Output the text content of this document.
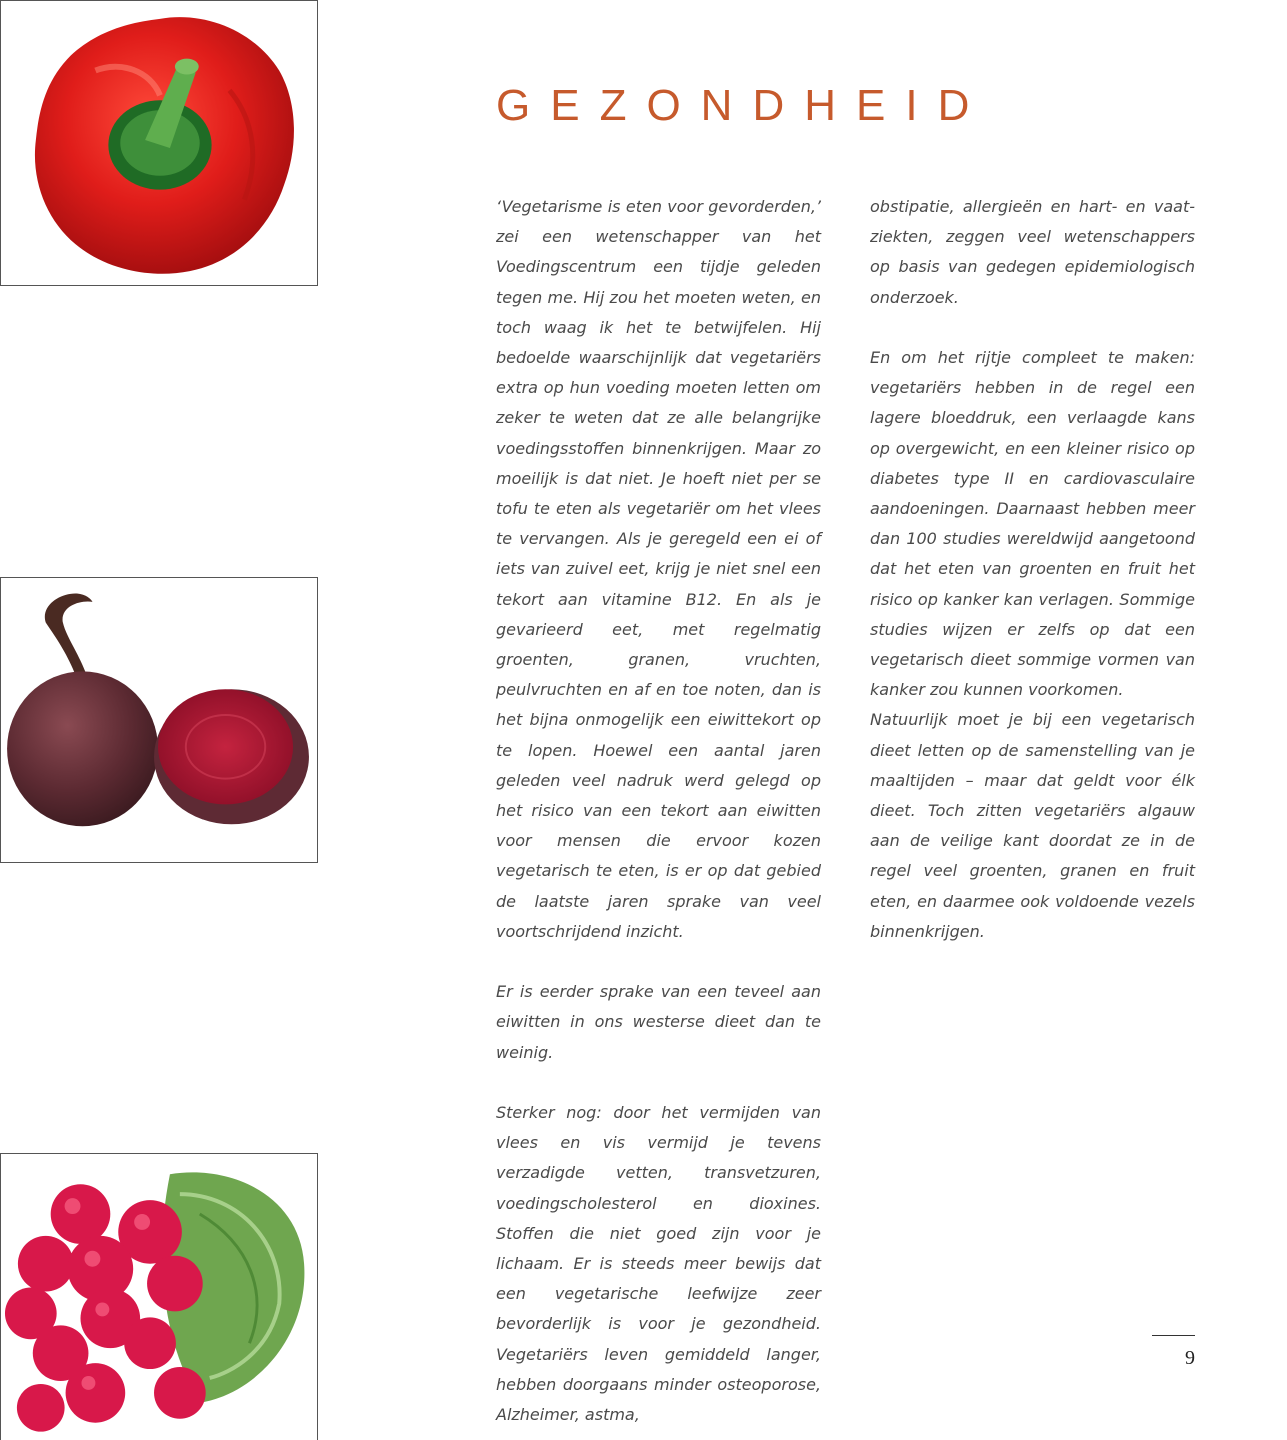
GEZONDHEID

‘Vegetarisme is eten voor gevorderden,’ zei een wetenschapper van het Voedingscentrum een tijdje geleden tegen me. Hij zou het moeten weten, en toch waag ik het te betwijfelen. Hij bedoelde waarschijnlijk dat vegetariërs extra op hun voeding moeten letten om zeker te weten dat ze alle belangrijke voedingsstoffen binnenkrijgen. Maar zo moeilijk is dat niet. Je hoeft niet per se tofu te eten als vegetariër om het vlees te vervangen. Als je geregeld een ei of iets van zuivel eet, krijg je niet snel een tekort aan vitamine B12. En als je gevarieerd eet, met regelmatig groenten, granen, vruchten, peulvruchten en af en toe noten, dan is het bijna onmogelijk een eiwittekort op te lopen. Hoewel een aantal jaren geleden veel nadruk werd gelegd op het risico van een tekort aan eiwitten voor mensen die ervoor kozen vegetarisch te eten, is er op dat gebied de laatste jaren sprake van veel voortschrijdend inzicht.

Er is eerder sprake van een teveel aan eiwitten in ons westerse dieet dan te weinig.

Sterker nog: door het vermijden van vlees en vis vermijd je tevens verzadigde vetten, transvetzuren, voedingscholesterol en dioxines. Stoffen die niet goed zijn voor je lichaam. Er is steeds meer bewijs dat een vegetarische leefwijze zeer bevorderlijk is voor je gezondheid. Vegetariërs leven gemiddeld langer, hebben doorgaans minder osteoporose, Alzheimer, astma,

obstipatie, allergieën en hart- en vaatziekten, zeggen veel wetenschappers op basis van gedegen epidemiologisch onderzoek.

En om het rijtje compleet te maken: vegetariërs hebben in de regel een lagere bloeddruk, een verlaagde kans op overgewicht, en een kleiner risico op diabetes type II en cardiovasculaire aandoeningen. Daarnaast hebben meer dan 100 studies wereldwijd aangetoond dat het eten van groenten en fruit het risico op kanker kan verlagen. Sommige studies wijzen er zelfs op dat een vegetarisch dieet sommige vormen van kanker zou kunnen voorkomen.

Natuurlijk moet je bij een vegetarisch dieet letten op de samenstelling van je maaltijden – maar dat geldt voor élk dieet. Toch zitten vegetariërs algauw aan de veilige kant doordat ze in de regel veel groenten, granen en fruit eten, en daarmee ook voldoende vezels binnenkrijgen.

9
